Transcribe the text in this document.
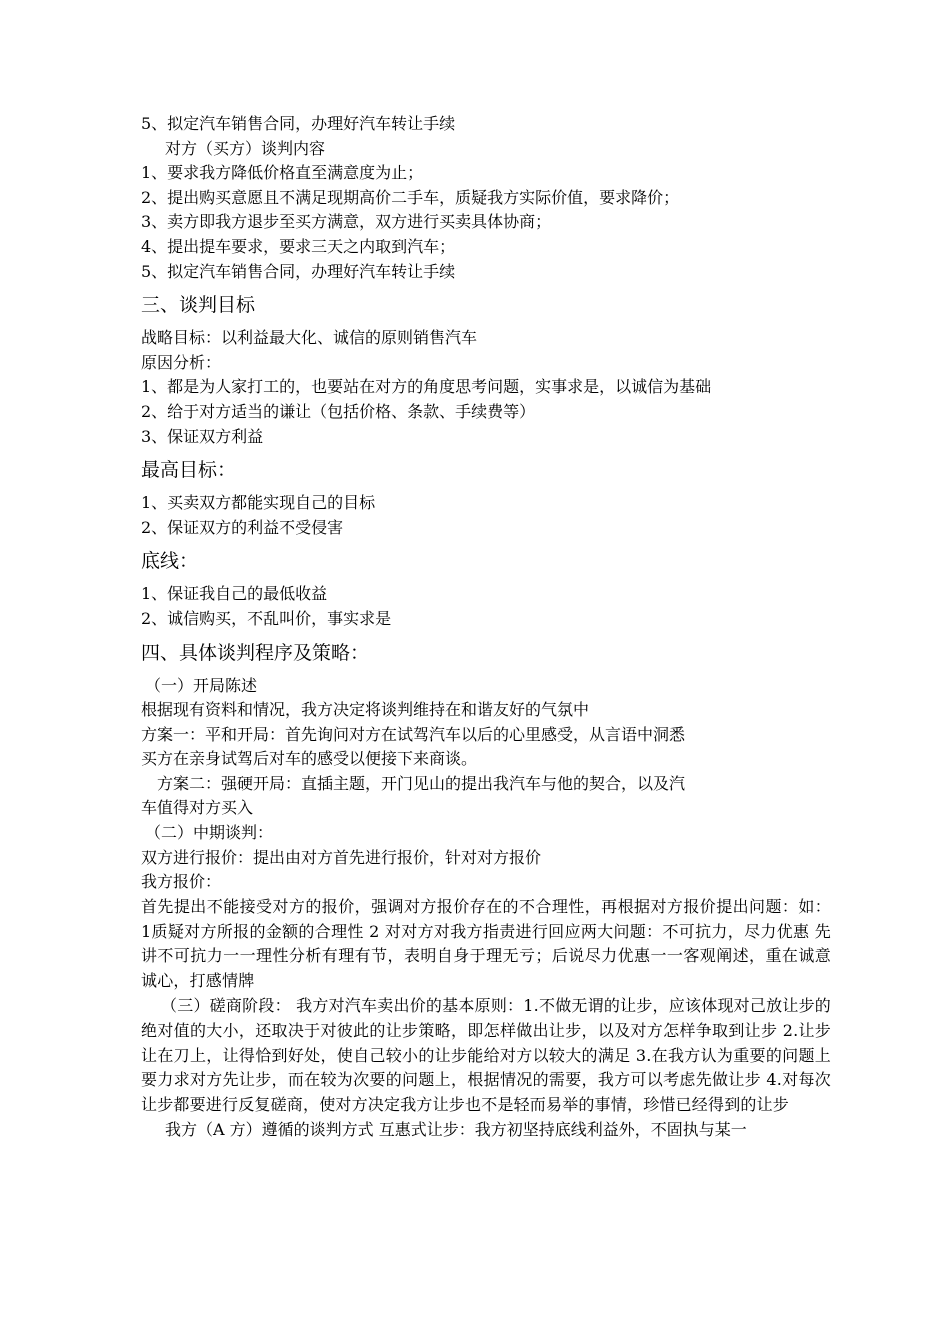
5、拟定汽车销售合同，办理好汽车转让手续
对方（买方）谈判内容
1、要求我方降低价格直至满意度为止；
2、提出购买意愿且不满足现期高价二手车，质疑我方实际价值，要求降价；
3、卖方即我方退步至买方满意，双方进行买卖具体协商；
4、提出提车要求，要求三天之内取到汽车；
5、拟定汽车销售合同，办理好汽车转让手续
三、谈判目标
战略目标：以利益最大化、诚信的原则销售汽车
原因分析：
1、都是为人家打工的，也要站在对方的角度思考问题，实事求是，以诚信为基础
2、给于对方适当的谦让（包括价格、条款、手续费等）
3、保证双方利益
最高目标：
1、买卖双方都能实现自己的目标
2、保证双方的利益不受侵害
底线：
1、保证我自己的最低收益
2、诚信购买，不乱叫价，事实求是
四、具体谈判程序及策略：
（一）开局陈述
根据现有资料和情况，我方决定将谈判维持在和谐友好的气氛中
方案一：平和开局：首先询问对方在试驾汽车以后的心里感受，从言语中洞悉
买方在亲身试驾后对车的感受以便接下来商谈。
方案二：强硬开局：直插主题，开门见山的提出我汽车与他的契合，以及汽
车值得对方买入
（二）中期谈判：
双方进行报价：提出由对方首先进行报价，针对对方报价
我方报价：
首先提出不能接受对方的报价，强调对方报价存在的不合理性，再根据对方报价提出问题：如：1质疑对方所报的金额的合理性 2 对对方对我方指责进行回应两大问题：不可抗力，尽力优惠 先讲不可抗力一一理性分析有理有节，表明自身于理无亏；后说尽力优惠一一客观阐述，重在诚意诚心，打感情牌
（三）磋商阶段： 我方对汽车卖出价的基本原则：1.不做无谓的让步，应该体现对己放让步的绝对值的大小，还取决于对彼此的让步策略，即怎样做出让步，以及对方怎样争取到让步 2.让步让在刀上，让得恰到好处，使自己较小的让步能给对方以较大的满足 3.在我方认为重要的问题上要力求对方先让步，而在较为次要的问题上，根据情况的需要，我方可以考虑先做让步 4.对每次让步都要进行反复磋商，使对方决定我方让步也不是轻而易举的事情，珍惜已经得到的让步
我方（A 方）遵循的谈判方式 互惠式让步：我方初坚持底线利益外，不固执与某一
